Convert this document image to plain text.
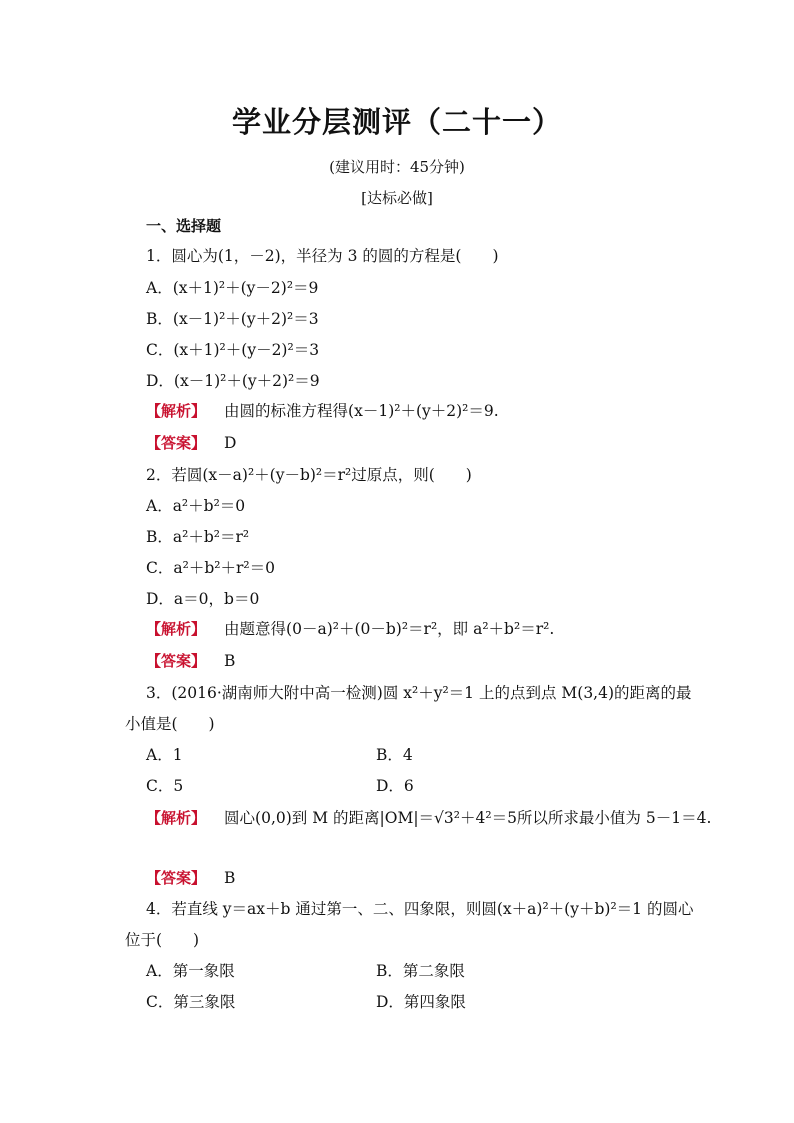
学业分层测评（二十一）
(建议用时：45分钟)
[达标必做]
一、选择题
1．圆心为(1，－2)，半径为 3 的圆的方程是(　　)
A．(x＋1)²＋(y－2)²＝9
B．(x－1)²＋(y＋2)²＝3
C．(x＋1)²＋(y－2)²＝3
D．(x－1)²＋(y＋2)²＝9
【解析】 由圆的标准方程得(x－1)²＋(y＋2)²＝9.
【答案】 D
2．若圆(x－a)²＋(y－b)²＝r²过原点，则(　　)
A．a²＋b²＝0
B．a²＋b²＝r²
C．a²＋b²＋r²＝0
D．a＝0，b＝0
【解析】 由题意得(0－a)²＋(0－b)²＝r²，即 a²＋b²＝r².
【答案】 B
3．(2016·湖南师大附中高一检测)圆 x²＋y²＝1 上的点到点 M(3,4)的距离的最
小值是(　　)
A．1	B．4
C．5	D．6
【解析】 圆心(0,0)到 M 的距离|OM|＝√3²＋4²＝5所以所求最小值为 5－1＝4.
【答案】 B
4．若直线 y＝ax＋b 通过第一、二、四象限，则圆(x＋a)²＋(y＋b)²＝1 的圆心
位于(　　)
A．第一象限	B．第二象限
C．第三象限	D．第四象限
